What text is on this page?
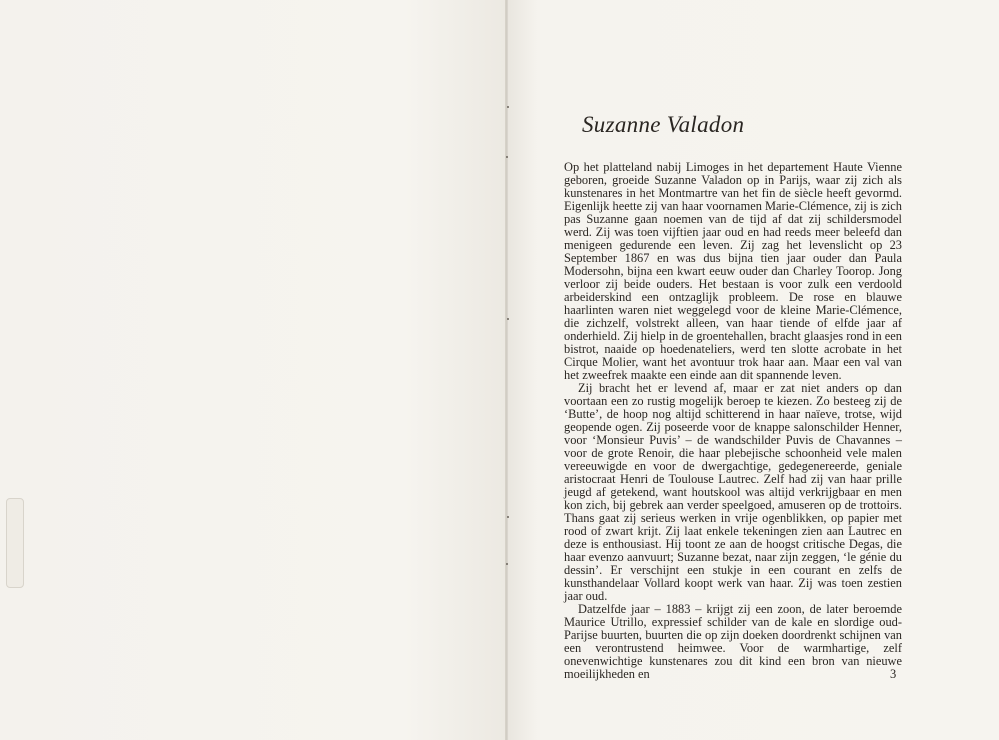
Suzanne Valadon

Op het platteland nabij Limoges in het departement Haute Vienne geboren, groeide Suzanne Valadon op in Parijs, waar zij zich als kunstenares in het Montmartre van het fin de siècle heeft gevormd. Eigenlijk heette zij van haar voornamen Marie-Clémence, zij is zich pas Suzanne gaan noemen van de tijd af dat zij schildersmodel werd. Zij was toen vijftien jaar oud en had reeds meer beleefd dan menigeen gedurende een leven. Zij zag het levenslicht op 23 September 1867 en was dus bijna tien jaar ouder dan Paula Modersohn, bijna een kwart eeuw ouder dan Charley Toorop. Jong verloor zij beide ouders. Het bestaan is voor zulk een verdoold arbeiderskind een ontzaglijk probleem. De rose en blauwe haarlinten waren niet weggelegd voor de kleine Marie-Clémence, die zichzelf, volstrekt alleen, van haar tiende of elfde jaar af onderhield. Zij hielp in de groentehallen, bracht glaasjes rond in een bistrot, naaide op hoedenateliers, werd ten slotte acrobate in het Cirque Molier, want het avontuur trok haar aan. Maar een val van het zweefrek maakte een einde aan dit spannende leven.

Zij bracht het er levend af, maar er zat niet anders op dan voortaan een zo rustig mogelijk beroep te kiezen. Zo besteeg zij de ‘Butte’, de hoop nog altijd schitterend in haar naïeve, trotse, wijd geopende ogen. Zij poseerde voor de knappe salonschilder Henner, voor ‘Monsieur Puvis’ – de wandschilder Puvis de Chavannes – voor de grote Renoir, die haar plebejische schoonheid vele malen vereeuwigde en voor de dwergachtige, gedegenereerde, geniale aristocraat Henri de Toulouse Lautrec. Zelf had zij van haar prille jeugd af getekend, want houtskool was altijd verkrijgbaar en men kon zich, bij gebrek aan verder speelgoed, amuseren op de trottoirs. Thans gaat zij serieus werken in vrije ogenblikken, op papier met rood of zwart krijt. Zij laat enkele tekeningen zien aan Lautrec en deze is enthousiast. Hij toont ze aan de hoogst critische Degas, die haar evenzo aanvuurt; Suzanne bezat, naar zijn zeggen, ‘le génie du dessin’. Er verschijnt een stukje in een courant en zelfs de kunsthandelaar Vollard koopt werk van haar. Zij was toen zestien jaar oud.

Datzelfde jaar – 1883 – krijgt zij een zoon, de later beroemde Maurice Utrillo, expressief schilder van de kale en slordige oud-Parijse buurten, buurten die op zijn doeken doordrenkt schijnen van een verontrustend heimwee. Voor de warmhartige, zelf onevenwichtige kunstenares zou dit kind een bron van nieuwe moeilijkheden en	3
